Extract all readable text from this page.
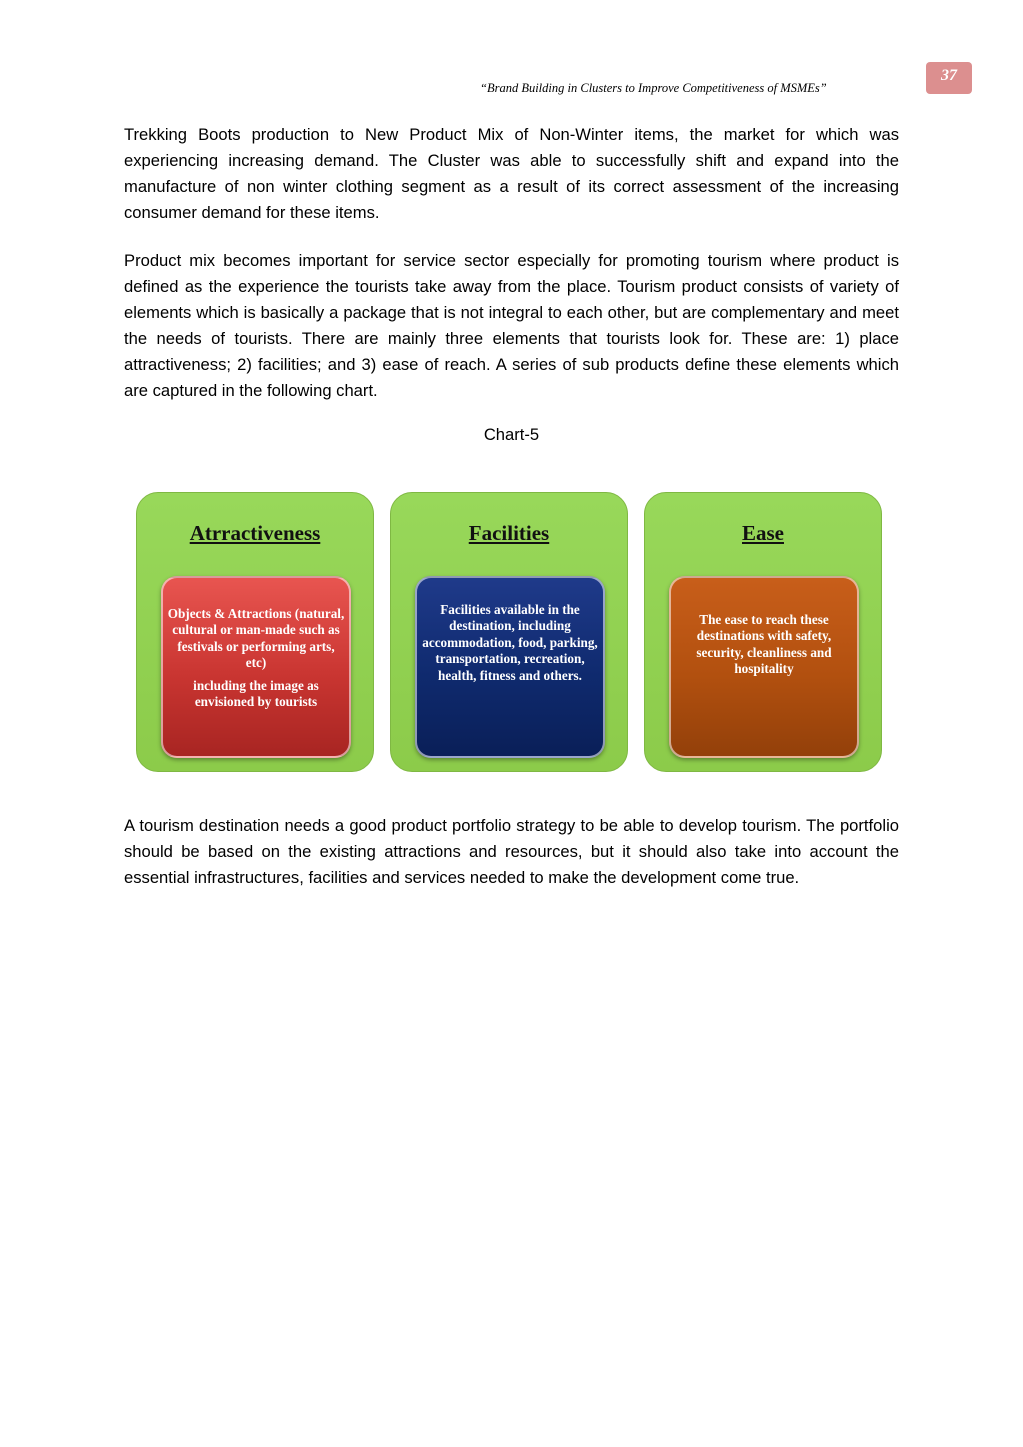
“Brand Building in Clusters to Improve Competitiveness of MSMEs”
37

Trekking Boots production to New Product Mix of Non-Winter items, the market for which was experiencing increasing demand. The Cluster was able to successfully shift and expand into the manufacture of non winter clothing segment as a result of its correct assessment of the increasing consumer demand for these items.

Product mix becomes important for service sector especially for promoting tourism where product is defined as the experience the tourists take away from the place. Tourism product consists of variety of elements which is basically a package that is not integral to each other, but are complementary and meet the needs of tourists. There are mainly three elements that tourists look for. These are: 1) place attractiveness; 2) facilities; and 3) ease of reach. A series of sub products define these elements which are captured in the following chart.

Chart-5
Atrractiveness

Objects & Attractions (natural, cultural or man-made such as festivals or performing arts, etc)

including the image as envisioned by tourists

Facilities

Facilities available in the destination, including accommodation, food, parking, transportation, recreation, health, fitness and others.

Ease

The ease to reach these destinations with safety, security, cleanliness and hospitality

A tourism destination needs a good product portfolio strategy to be able to develop tourism. The portfolio should be based on the existing attractions and resources, but it should also take into account the essential infrastructures, facilities and services needed to make the development come true.
